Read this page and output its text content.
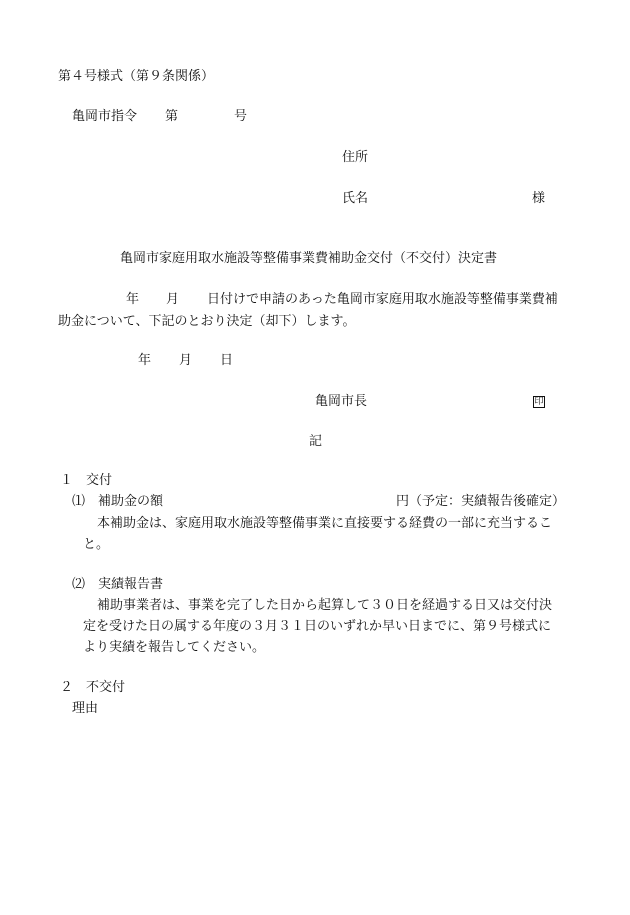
第４号様式（第９条関係）
亀岡市指令 第	号
住所
氏名	様
亀岡市家庭用取水施設等整備事業費補助金交付（不交付）決定書
年 月 日付けで申請のあった亀岡市家庭用取水施設等整備事業費補
助金について、下記のとおり決定（却下）します。
年 月 日
亀岡市長	印
記
１　交付
⑴　補助金の額	円（予定：実績報告後確定）
本補助金は、家庭用取水施設等整備事業に直接要する経費の一部に充当するこ
と。
⑵　実績報告書
補助事業者は、事業を完了した日から起算して３０日を経過する日又は交付決
定を受けた日の属する年度の３月３１日のいずれか早い日までに、第９号様式に
より実績を報告してください。
２　不交付
理由
